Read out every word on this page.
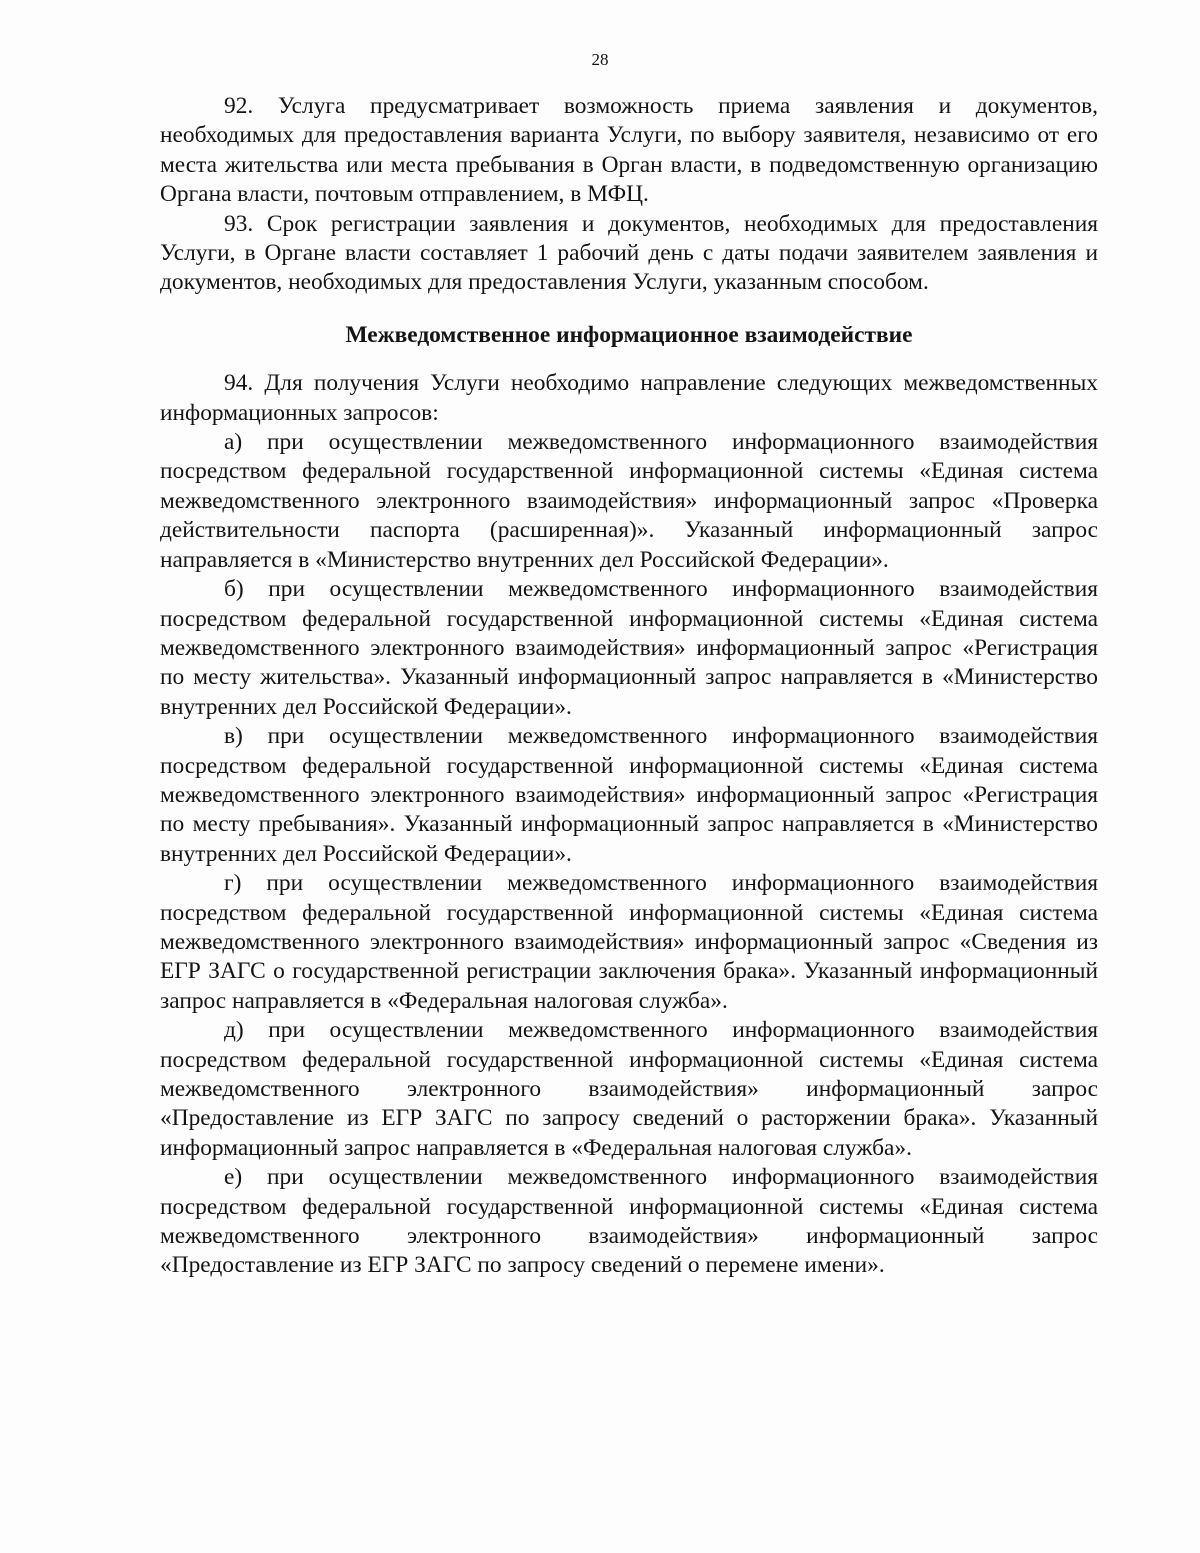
28

92. Услуга предусматривает возможность приема заявления и документов, необходимых для предоставления варианта Услуги, по выбору заявителя, независимо от его места жительства или места пребывания в Орган власти, в подведомственную организацию Органа власти, почтовым отправлением, в МФЦ.

93. Срок регистрации заявления и документов, необходимых для предоставления Услуги, в Органе власти составляет 1 рабочий день с даты подачи заявителем заявления и документов, необходимых для предоставления Услуги, указанным способом.

Межведомственное информационное взаимодействие

94. Для получения Услуги необходимо направление следующих межведомственных информационных запросов:

а) при осуществлении межведомственного информационного взаимодействия посредством федеральной государственной информационной системы «Единая система межведомственного электронного взаимодействия» информационный запрос «Проверка действительности паспорта (расширенная)». Указанный информационный запрос направляется в «Министерство внутренних дел Российской Федерации».

б) при осуществлении межведомственного информационного взаимодействия посредством федеральной государственной информационной системы «Единая система межведомственного электронного взаимодействия» информационный запрос «Регистрация по месту жительства». Указанный информационный запрос направляется в «Министерство внутренних дел Российской Федерации».

в) при осуществлении межведомственного информационного взаимодействия посредством федеральной государственной информационной системы «Единая система межведомственного электронного взаимодействия» информационный запрос «Регистрация по месту пребывания». Указанный информационный запрос направляется в «Министерство внутренних дел Российской Федерации».

г) при осуществлении межведомственного информационного взаимодействия посредством федеральной государственной информационной системы «Единая система межведомственного электронного взаимодействия» информационный запрос «Сведения из ЕГР ЗАГС о государственной регистрации заключения брака». Указанный информационный запрос направляется в «Федеральная налоговая служба».

д) при осуществлении межведомственного информационного взаимодействия посредством федеральной государственной информационной системы «Единая система межведомственного электронного взаимодействия» информационный запрос «Предоставление из ЕГР ЗАГС по запросу сведений о расторжении брака». Указанный информационный запрос направляется в «Федеральная налоговая служба».

е) при осуществлении межведомственного информационного взаимодействия посредством федеральной государственной информационной системы «Единая система межведомственного электронного взаимодействия» информационный запрос «Предоставление из ЕГР ЗАГС по запросу сведений о перемене имени».
